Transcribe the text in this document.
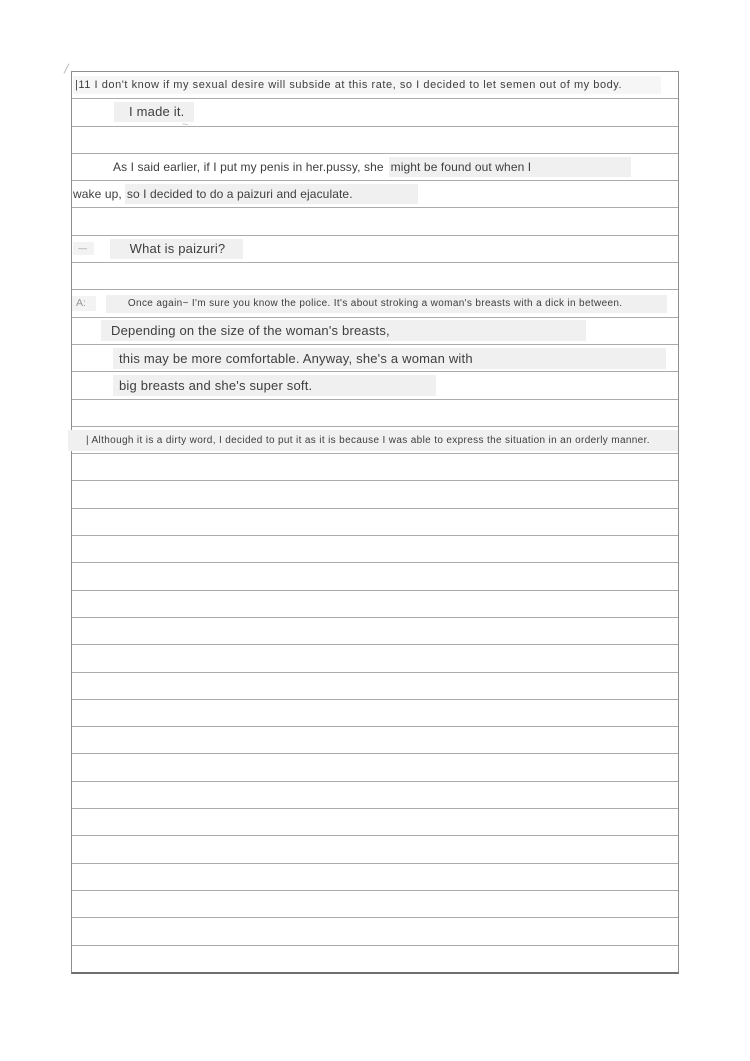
|11 I don't know if my sexual desire will subside at this rate, so I decided to let semen out of my body.
I made it.
~
As I said earlier, if I put my penis in her.pussy, she might be found out when I
wake up, so I decided to do a paizuri and ejaculate.
----	What is paizuri?
A:	Once again~ I'm sure you know the police. It's about stroking a woman's breasts with a dick in between.
Depending on the size of the woman's breasts,
this may be more comfortable. Anyway, she's a woman with
big breasts and she's super soft.
| Although it is a dirty word, I decided to put it as it is because I was able to express the situation in an orderly manner.
